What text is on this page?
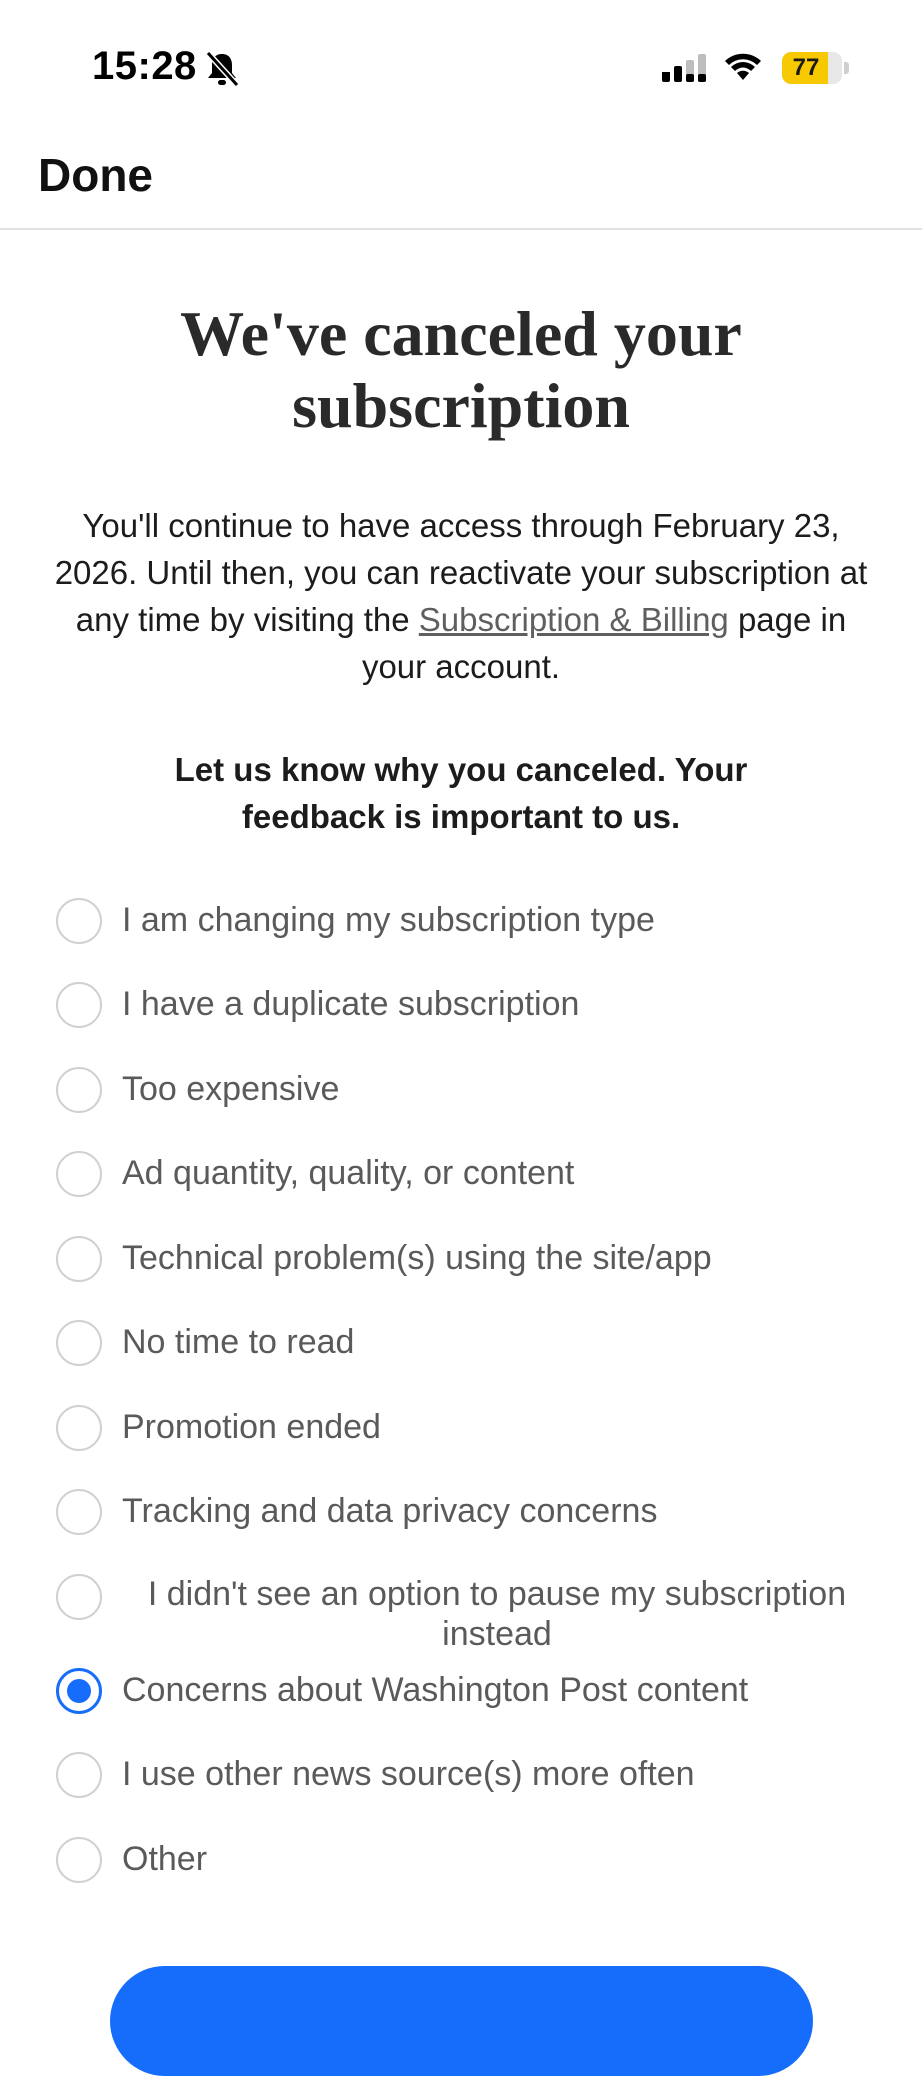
15:28	77
Done
We've canceled your subscription

You'll continue to have access through February 23, 2026. Until then, you can reactivate your subscription at any time by visiting the Subscription & Billing page in your account.

Let us know why you canceled. Your feedback is important to us.

I am changing my subscription type
I have a duplicate subscription
Too expensive
Ad quantity, quality, or content
Technical problem(s) using the site/app
No time to read
Promotion ended
Tracking and data privacy concerns
I didn't see an option to pause my subscription instead
Concerns about Washington Post content
I use other news source(s) more often
Other
